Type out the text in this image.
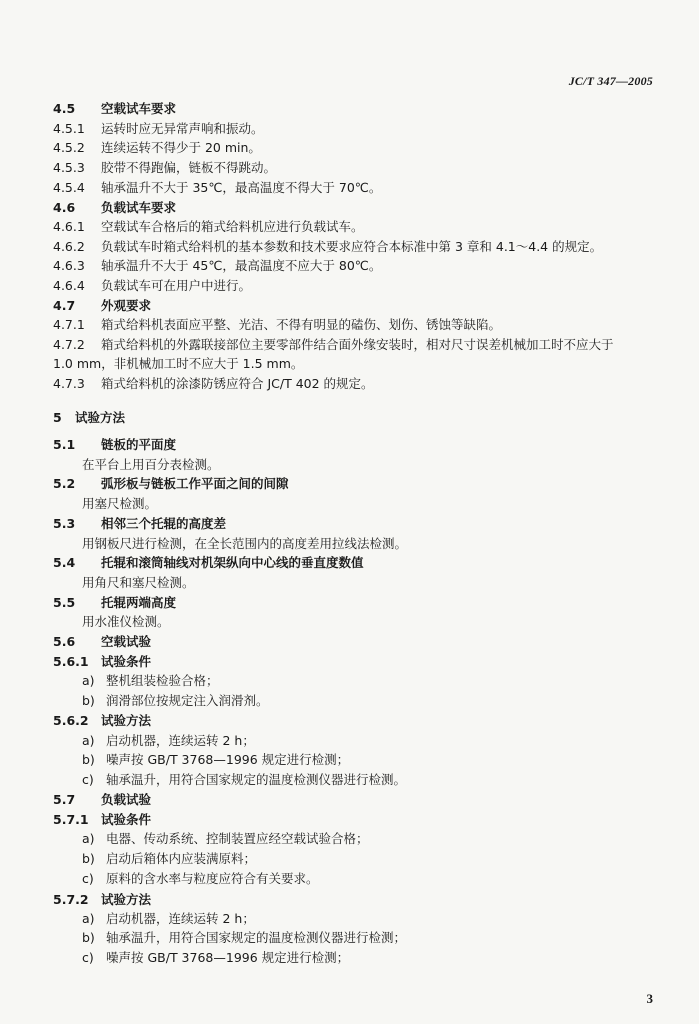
JC/T 347—2005
4.5 空载试车要求
4.5.1 运转时应无异常声响和振动。
4.5.2 连续运转不得少于 20 min。
4.5.3 胶带不得跑偏，链板不得跳动。
4.5.4 轴承温升不大于 35℃，最高温度不得大于 70℃。
4.6 负载试车要求
4.6.1 空载试车合格后的箱式给料机应进行负载试车。
4.6.2 负载试车时箱式给料机的基本参数和技术要求应符合本标准中第 3 章和 4.1～4.4 的规定。
4.6.3 轴承温升不大于 45℃，最高温度不应大于 80℃。
4.6.4 负载试车可在用户中进行。
4.7 外观要求
4.7.1 箱式给料机表面应平整、光洁、不得有明显的磕伤、划伤、锈蚀等缺陷。
4.7.2 箱式给料机的外露联接部位主要零部件结合面外缘安装时，相对尺寸误差机械加工时不应大于
1.0 mm，非机械加工时不应大于 1.5 mm。
4.7.3 箱式给料机的涂漆防锈应符合 JC/T 402 的规定。
5 试验方法
5.1 链板的平面度
在平台上用百分表检测。
5.2 弧形板与链板工作平面之间的间隙
用塞尺检测。
5.3 相邻三个托辊的高度差
用钢板尺进行检测，在全长范围内的高度差用拉线法检测。
5.4 托辊和滚筒轴线对机架纵向中心线的垂直度数值
用角尺和塞尺检测。
5.5 托辊两端高度
用水准仪检测。
5.6 空载试验
5.6.1 试验条件
a) 整机组装检验合格；
b) 润滑部位按规定注入润滑剂。
5.6.2 试验方法
a) 启动机器，连续运转 2 h；
b) 噪声按 GB/T 3768—1996 规定进行检测；
c) 轴承温升，用符合国家规定的温度检测仪器进行检测。
5.7 负载试验
5.7.1 试验条件
a) 电器、传动系统、控制装置应经空载试验合格；
b) 启动后箱体内应装满原料；
c) 原料的含水率与粒度应符合有关要求。
5.7.2 试验方法
a) 启动机器，连续运转 2 h；
b) 轴承温升，用符合国家规定的温度检测仪器进行检测；
c) 噪声按 GB/T 3768—1996 规定进行检测；
3
